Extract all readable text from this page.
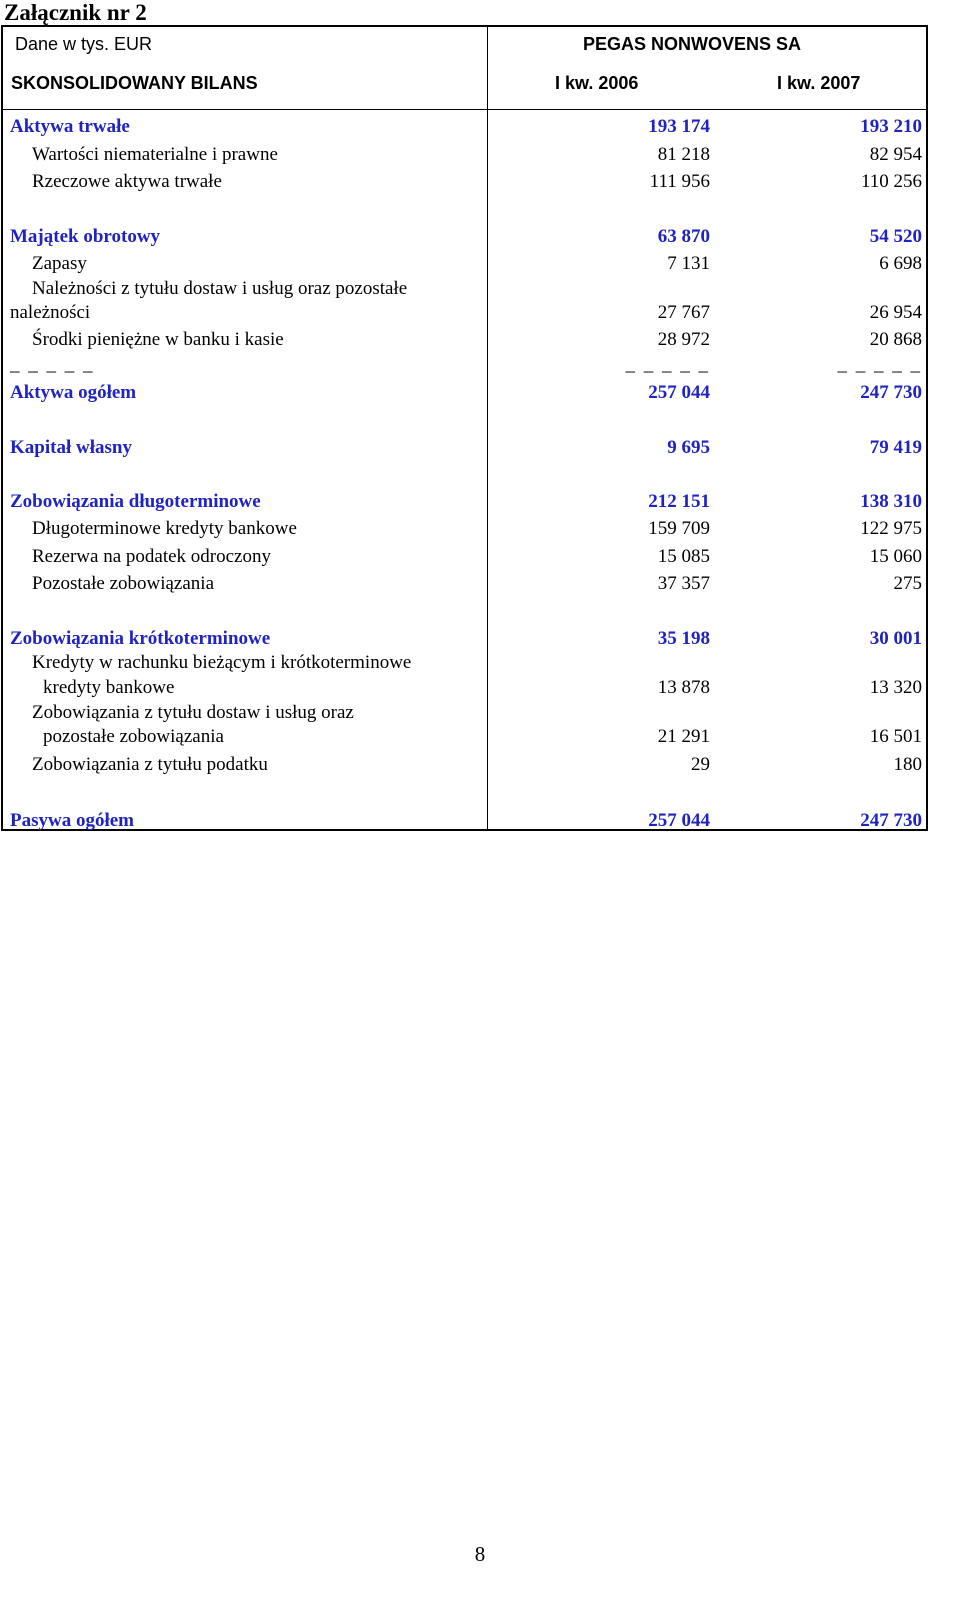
Załącznik nr 2
Dane w tys. EUR	PEGAS NONWOVENS SA
SKONSOLIDOWANY BILANS	I kw. 2006	I kw. 2007
Aktywa trwałe	193 174	193 210
Wartości niematerialne i prawne	81 218	82 954
Rzeczowe aktywa trwałe	111 956	110 256
Majątek obrotowy	63 870	54 520
Zapasy	7 131	6 698
Należności z tytułu dostaw i usług oraz pozostałe
należności	27 767	26 954
Środki pieniężne w banku i kasie	28 972	20 868
_ _ _ _ _	_ _ _ _ _	_ _ _ _ _
Aktywa ogółem	257 044	247 730
Kapitał własny	9 695	79 419
Zobowiązania długoterminowe	212 151	138 310
Długoterminowe kredyty bankowe	159 709	122 975
Rezerwa na podatek odroczony	15 085	15 060
Pozostałe zobowiązania	37 357	275
Zobowiązania krótkoterminowe	35 198	30 001
Kredyty w rachunku bieżącym i krótkoterminowe
kredyty bankowe	13 878	13 320
Zobowiązania z tytułu dostaw i usług oraz
pozostałe zobowiązania	21 291	16 501
Zobowiązania z tytułu podatku	29	180
Pasywa ogółem	257 044	247 730
8
